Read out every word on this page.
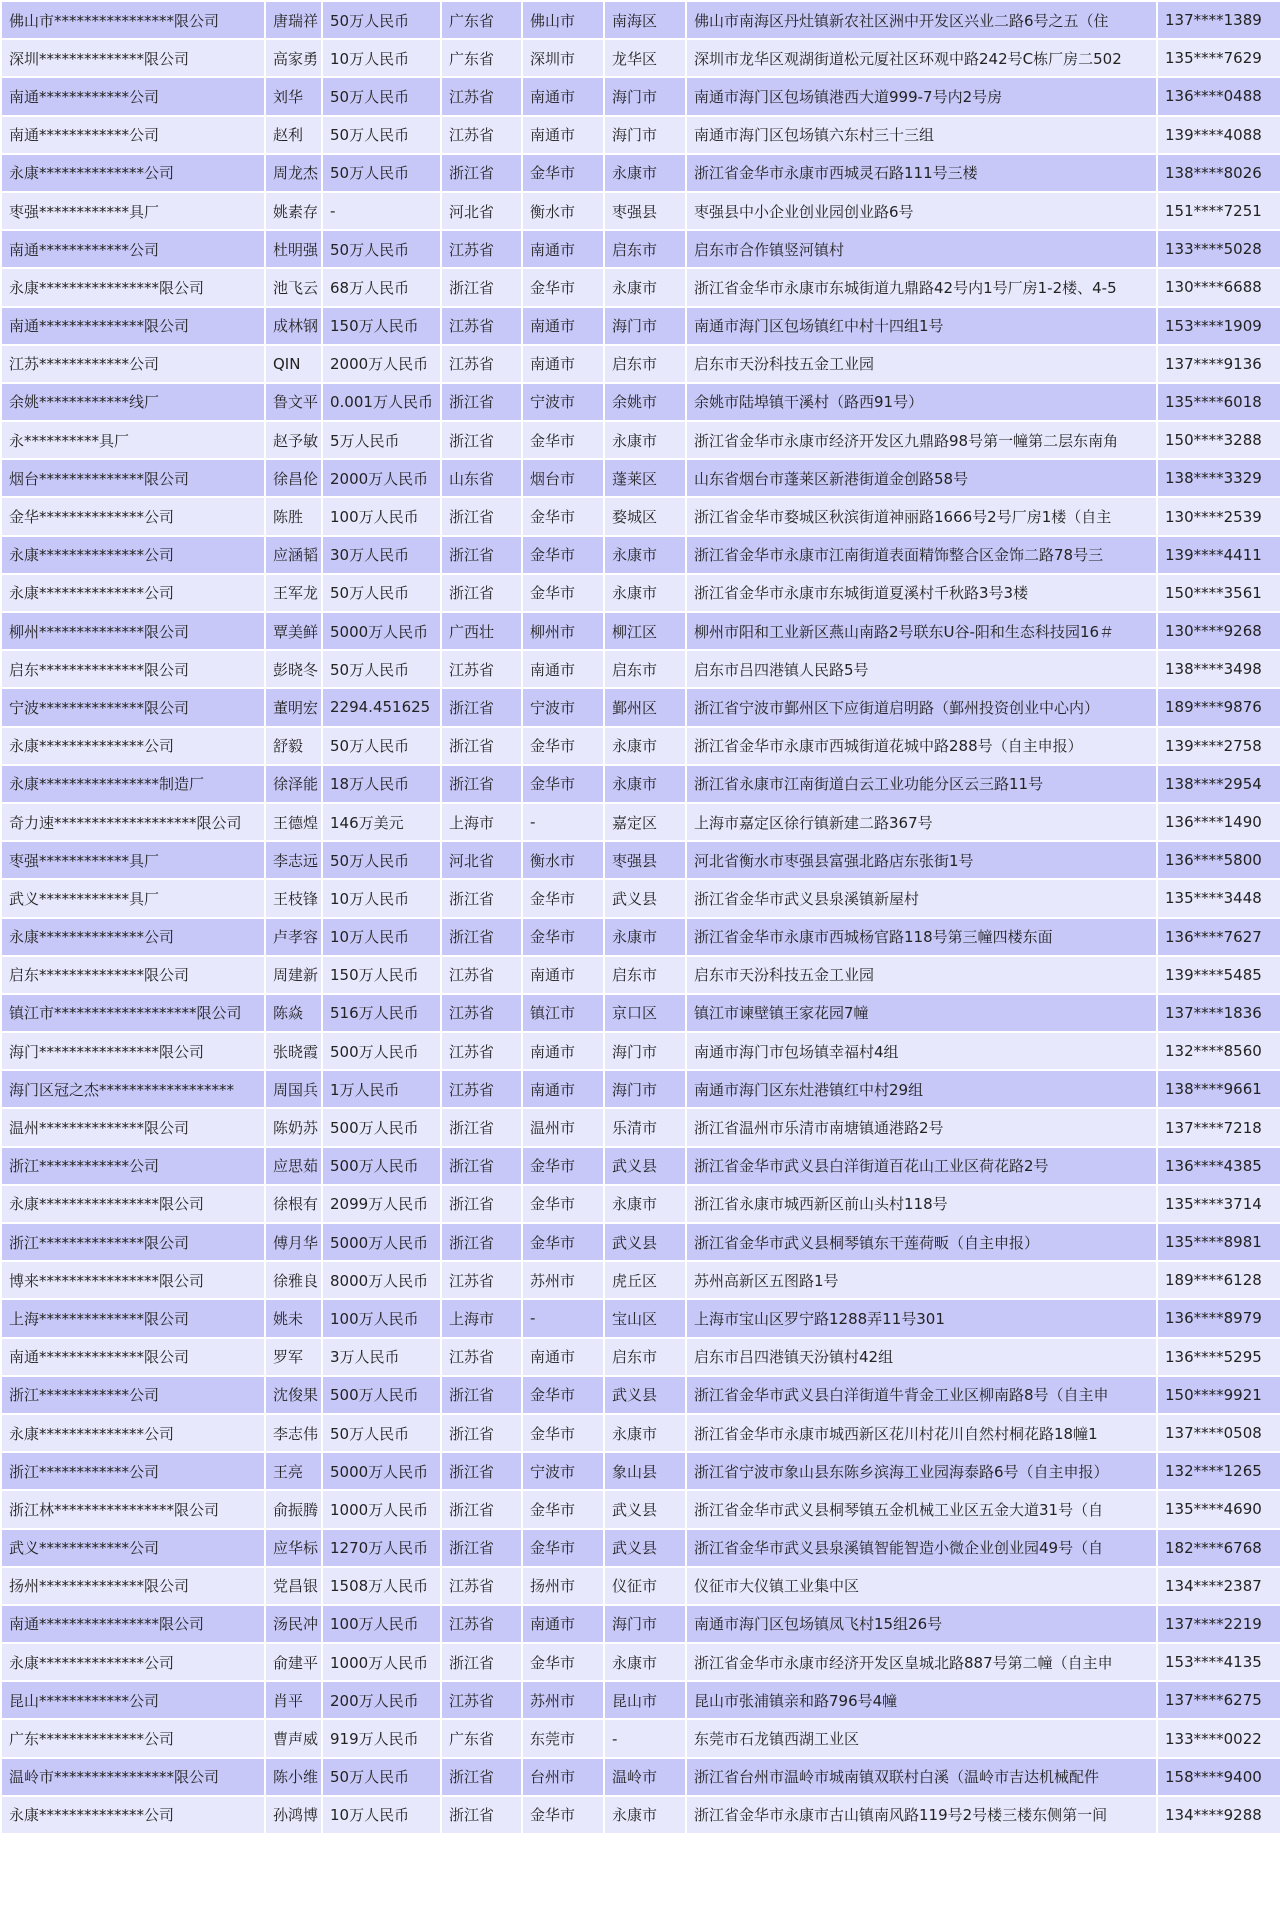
佛山市****************限公司	唐瑞祥	50万人民币	广东省	佛山市	南海区	佛山市南海区丹灶镇新农社区洲中开发区兴业二路6号之五（住	137****1389
深圳**************限公司	高家勇	10万人民币	广东省	深圳市	龙华区	深圳市龙华区观湖街道松元厦社区环观中路242号C栋厂房二502	135****7629
南通************公司	刘华	50万人民币	江苏省	南通市	海门市	南通市海门区包场镇港西大道999-7号内2号房	136****0488
南通************公司	赵利	50万人民币	江苏省	南通市	海门市	南通市海门区包场镇六东村三十三组	139****4088
永康**************公司	周龙杰	50万人民币	浙江省	金华市	永康市	浙江省金华市永康市西城灵石路111号三楼	138****8026
枣强************具厂	姚素存	-	河北省	衡水市	枣强县	枣强县中小企业创业园创业路6号	151****7251
南通************公司	杜明强	50万人民币	江苏省	南通市	启东市	启东市合作镇竖河镇村	133****5028
永康****************限公司	池飞云	68万人民币	浙江省	金华市	永康市	浙江省金华市永康市东城街道九鼎路42号内1号厂房1-2楼、4-5	130****6688
南通**************限公司	成林钢	150万人民币	江苏省	南通市	海门市	南通市海门区包场镇红中村十四组1号	153****1909
江苏************公司	QIN	2000万人民币	江苏省	南通市	启东市	启东市天汾科技五金工业园	137****9136
余姚************线厂	鲁文平	0.001万人民币	浙江省	宁波市	余姚市	余姚市陆埠镇干溪村（路西91号）	135****6018
永**********具厂	赵予敏	5万人民币	浙江省	金华市	永康市	浙江省金华市永康市经济开发区九鼎路98号第一幢第二层东南角	150****3288
烟台**************限公司	徐昌伦	2000万人民币	山东省	烟台市	蓬莱区	山东省烟台市蓬莱区新港街道金创路58号	138****3329
金华**************公司	陈胜	100万人民币	浙江省	金华市	婺城区	浙江省金华市婺城区秋滨街道神丽路1666号2号厂房1楼（自主	130****2539
永康**************公司	应涵韬	30万人民币	浙江省	金华市	永康市	浙江省金华市永康市江南街道表面精饰整合区金饰二路78号三	139****4411
永康**************公司	王军龙	50万人民币	浙江省	金华市	永康市	浙江省金华市永康市东城街道夏溪村千秋路3号3楼	150****3561
柳州**************限公司	覃美鲜	5000万人民币	广西壮	柳州市	柳江区	柳州市阳和工业新区燕山南路2号联东U谷-阳和生态科技园16＃	130****9268
启东**************限公司	彭晓冬	50万人民币	江苏省	南通市	启东市	启东市吕四港镇人民路5号	138****3498
宁波**************限公司	董明宏	2294.451625	浙江省	宁波市	鄞州区	浙江省宁波市鄞州区下应街道启明路（鄞州投资创业中心内）	189****9876
永康**************公司	舒毅	50万人民币	浙江省	金华市	永康市	浙江省金华市永康市西城街道花城中路288号（自主申报）	139****2758
永康****************制造厂	徐泽能	18万人民币	浙江省	金华市	永康市	浙江省永康市江南街道白云工业功能分区云三路11号	138****2954
奇力速*******************限公司	王德煌	146万美元	上海市	-	嘉定区	上海市嘉定区徐行镇新建二路367号	136****1490
枣强************具厂	李志远	50万人民币	河北省	衡水市	枣强县	河北省衡水市枣强县富强北路店东张街1号	136****5800
武义************具厂	王枝锋	10万人民币	浙江省	金华市	武义县	浙江省金华市武义县泉溪镇新屋村	135****3448
永康**************公司	卢孝容	10万人民币	浙江省	金华市	永康市	浙江省金华市永康市西城杨官路118号第三幢四楼东面	136****7627
启东**************限公司	周建新	150万人民币	江苏省	南通市	启东市	启东市天汾科技五金工业园	139****5485
镇江市*******************限公司	陈焱	516万人民币	江苏省	镇江市	京口区	镇江市谏壁镇王家花园7幢	137****1836
海门****************限公司	张晓霞	500万人民币	江苏省	南通市	海门市	南通市海门市包场镇幸福村4组	132****8560
海门区冠之杰******************	周国兵	1万人民币	江苏省	南通市	海门市	南通市海门区东灶港镇红中村29组	138****9661
温州**************限公司	陈奶苏	500万人民币	浙江省	温州市	乐清市	浙江省温州市乐清市南塘镇通港路2号	137****7218
浙江************公司	应思茹	500万人民币	浙江省	金华市	武义县	浙江省金华市武义县白洋街道百花山工业区荷花路2号	136****4385
永康****************限公司	徐根有	2099万人民币	浙江省	金华市	永康市	浙江省永康市城西新区前山头村118号	135****3714
浙江**************限公司	傅月华	5000万人民币	浙江省	金华市	武义县	浙江省金华市武义县桐琴镇东干莲荷畈（自主申报）	135****8981
博来****************限公司	徐雅良	8000万人民币	江苏省	苏州市	虎丘区	苏州高新区五图路1号	189****6128
上海**************限公司	姚未	100万人民币	上海市	-	宝山区	上海市宝山区罗宁路1288弄11号301	136****8979
南通**************限公司	罗军	3万人民币	江苏省	南通市	启东市	启东市吕四港镇天汾镇村42组	136****5295
浙江************公司	沈俊果	500万人民币	浙江省	金华市	武义县	浙江省金华市武义县白洋街道牛背金工业区柳南路8号（自主申	150****9921
永康**************公司	李志伟	50万人民币	浙江省	金华市	永康市	浙江省金华市永康市城西新区花川村花川自然村桐花路18幢1	137****0508
浙江************公司	王亮	5000万人民币	浙江省	宁波市	象山县	浙江省宁波市象山县东陈乡滨海工业园海泰路6号（自主申报）	132****1265
浙江林****************限公司	俞振腾	1000万人民币	浙江省	金华市	武义县	浙江省金华市武义县桐琴镇五金机械工业区五金大道31号（自	135****4690
武义************公司	应华标	1270万人民币	浙江省	金华市	武义县	浙江省金华市武义县泉溪镇智能智造小微企业创业园49号（自	182****6768
扬州**************限公司	党昌银	1508万人民币	江苏省	扬州市	仪征市	仪征市大仪镇工业集中区	134****2387
南通****************限公司	汤民冲	100万人民币	江苏省	南通市	海门市	南通市海门区包场镇凤飞村15组26号	137****2219
永康**************公司	俞建平	1000万人民币	浙江省	金华市	永康市	浙江省金华市永康市经济开发区皇城北路887号第二幢（自主申	153****4135
昆山************公司	肖平	200万人民币	江苏省	苏州市	昆山市	昆山市张浦镇亲和路796号4幢	137****6275
广东**************公司	曹声威	919万人民币	广东省	东莞市	-	东莞市石龙镇西湖工业区	133****0022
温岭市****************限公司	陈小维	50万人民币	浙江省	台州市	温岭市	浙江省台州市温岭市城南镇双联村白溪（温岭市吉达机械配件	158****9400
永康**************公司	孙鸿博	10万人民币	浙江省	金华市	永康市	浙江省金华市永康市古山镇南风路119号2号楼三楼东侧第一间	134****9288
